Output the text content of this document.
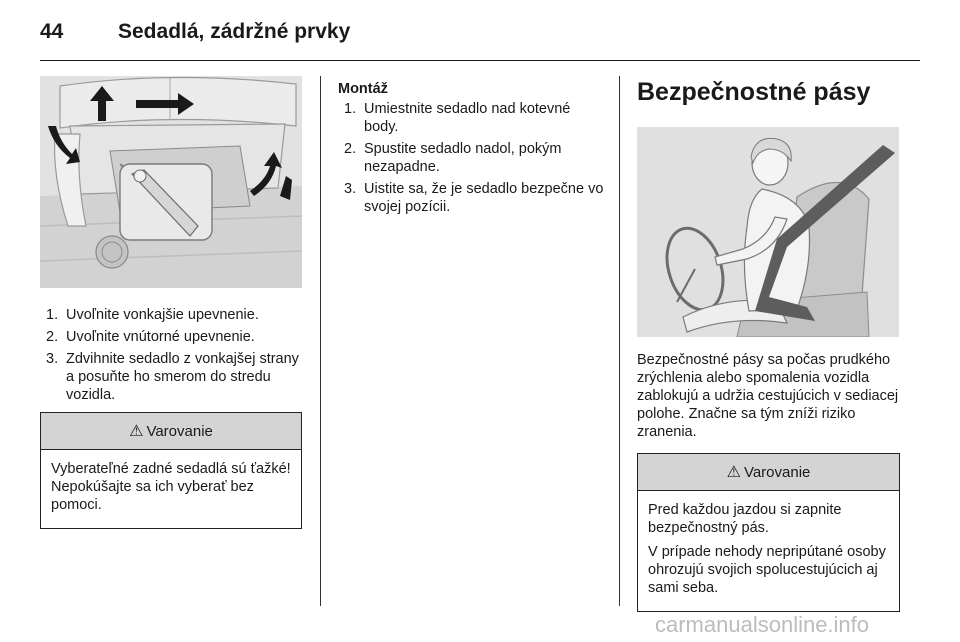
44	Sedadlá, zádržné prvky
1. Uvoľnite vonkajšie upevnenie.
2. Uvoľnite vnútorné upevnenie.
3. Zdvihnite sedadlo z vonkajšej strany a posuňte ho smerom do stredu vozidla.
⚠ Varovanie

Vyberateľné zadné sedadlá sú ťažké! Nepokúšajte sa ich vyberať bez pomoci.

Montáž
1. Umiestnite sedadlo nad kotevné body.
2. Spustite sedadlo nadol, pokým nezapadne.
3. Uistite sa, že je sedadlo bezpečne vo svojej pozícii.
Bezpečnostné pásy

Bezpečnostné pásy sa počas prudkého zrýchlenia alebo spomalenia vozidla zablokujú a udržia cestujúcich v sediacej polohe. Značne sa tým zníži riziko zranenia.

⚠ Varovanie

Pred každou jazdou si zapnite bezpečnostný pás.

V prípade nehody nepripútané osoby ohrozujú svojich spolucestujúcich aj sami seba.

carmanualsonline.info
